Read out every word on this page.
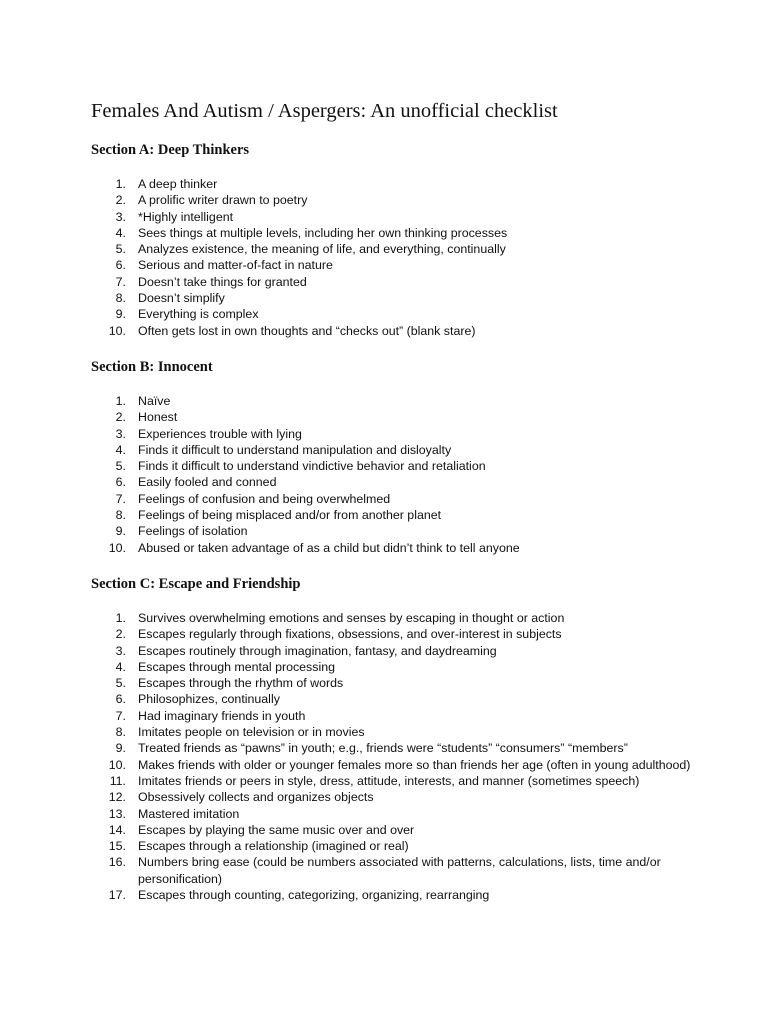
Females And Autism / Aspergers: An unofficial checklist
Section A: Deep Thinkers
1. A deep thinker
2. A prolific writer drawn to poetry
3. *Highly intelligent
4. Sees things at multiple levels, including her own thinking processes
5. Analyzes existence, the meaning of life, and everything, continually
6. Serious and matter-of-fact in nature
7. Doesn’t take things for granted
8. Doesn’t simplify
9. Everything is complex
10. Often gets lost in own thoughts and “checks out” (blank stare)
Section B: Innocent
1. Naïve
2. Honest
3. Experiences trouble with lying
4. Finds it difficult to understand manipulation and disloyalty
5. Finds it difficult to understand vindictive behavior and retaliation
6. Easily fooled and conned
7. Feelings of confusion and being overwhelmed
8. Feelings of being misplaced and/or from another planet
9. Feelings of isolation
10. Abused or taken advantage of as a child but didn’t think to tell anyone
Section C: Escape and Friendship
1. Survives overwhelming emotions and senses by escaping in thought or action
2. Escapes regularly through fixations, obsessions, and over-interest in subjects
3. Escapes routinely through imagination, fantasy, and daydreaming
4. Escapes through mental processing
5. Escapes through the rhythm of words
6. Philosophizes, continually
7. Had imaginary friends in youth
8. Imitates people on television or in movies
9. Treated friends as “pawns” in youth; e.g., friends were “students” “consumers” “members”
10. Makes friends with older or younger females more so than friends her age (often in young adulthood)
11. Imitates friends or peers in style, dress, attitude, interests, and manner (sometimes speech)
12. Obsessively collects and organizes objects
13. Mastered imitation
14. Escapes by playing the same music over and over
15. Escapes through a relationship (imagined or real)
16. Numbers bring ease (could be numbers associated with patterns, calculations, lists, time and/or personification)
17. Escapes through counting, categorizing, organizing, rearranging
